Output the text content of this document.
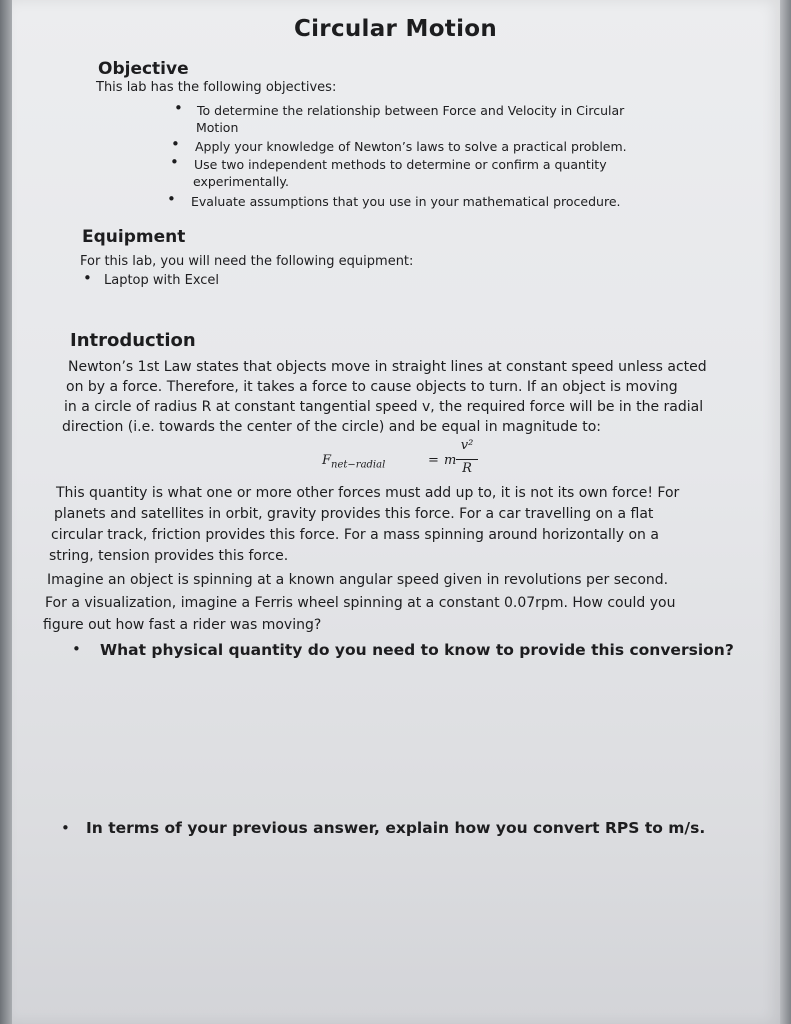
Circular Motion
Objective
This lab has the following objectives:
• To determine the relationship between Force and Velocity in Circular
Motion
• Apply your knowledge of Newton’s laws to solve a practical problem.
• Use two independent methods to determine or confirm a quantity
experimentally.
• Evaluate assumptions that you use in your mathematical procedure.
Equipment
For this lab, you will need the following equipment:
• Laptop with Excel
Introduction
Newton’s 1st Law states that objects move in straight lines at constant speed unless acted
on by a force. Therefore, it takes a force to cause objects to turn. If an object is moving
in a circle of radius R at constant tangential speed v, the required force will be in the radial
direction (i.e. towards the center of the circle) and be equal in magnitude to:
$F_{net-radial}$	= m
v²
R
This quantity is what one or more other forces must add up to, it is not its own force! For
planets and satellites in orbit, gravity provides this force. For a car travelling on a flat
circular track, friction provides this force. For a mass spinning around horizontally on a
string, tension provides this force.
Imagine an object is spinning at a known angular speed given in revolutions per second.
For a visualization, imagine a Ferris wheel spinning at a constant 0.07rpm. How could you
figure out how fast a rider was moving?
• What physical quantity do you need to know to provide this conversion?
• In terms of your previous answer, explain how you convert RPS to m/s.
